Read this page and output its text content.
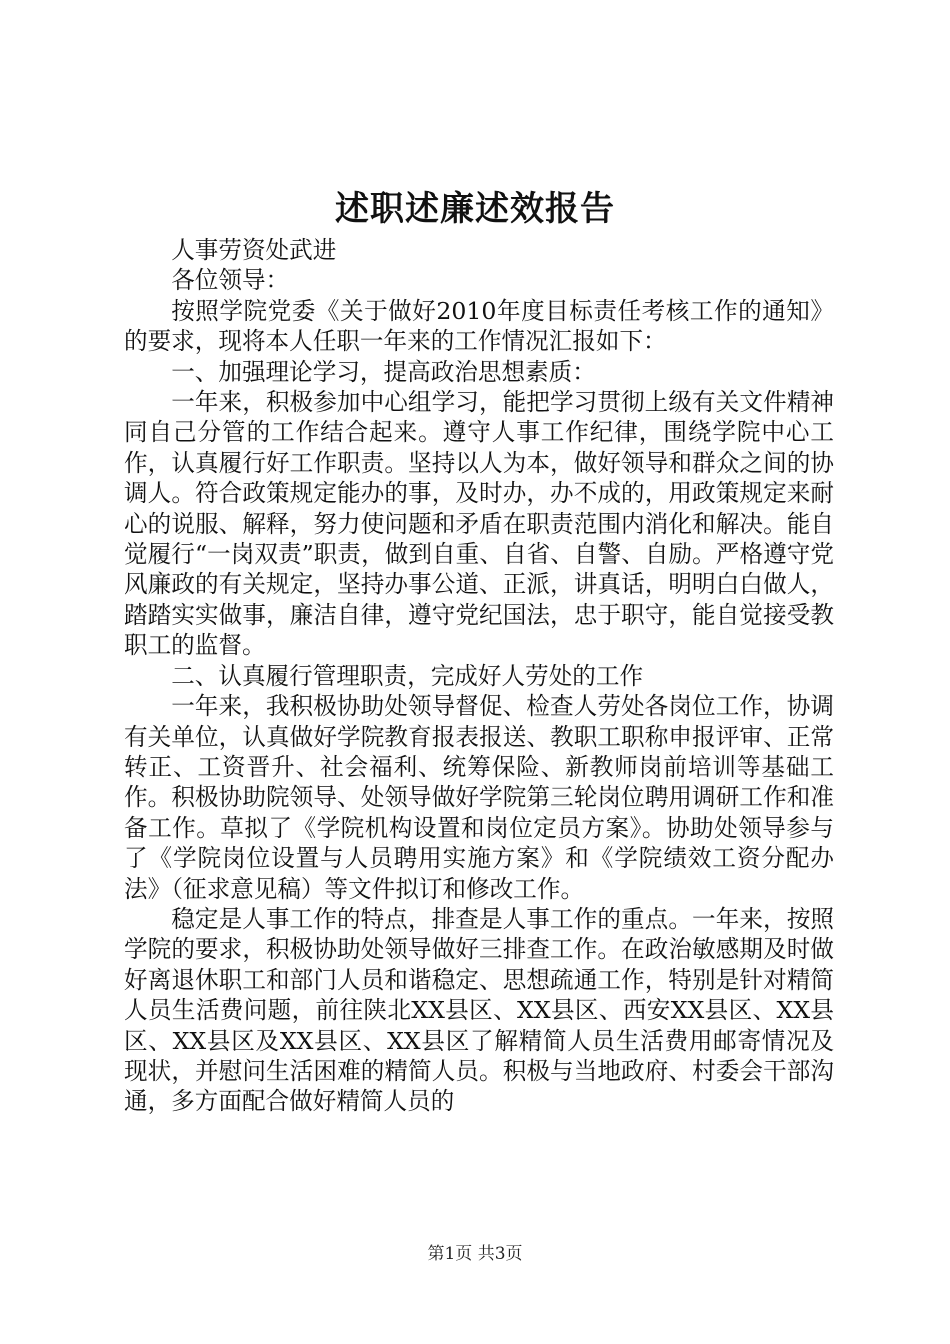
述职述廉述效报告

人事劳资处武进

各位领导：

按照学院党委《关于做好2010年度目标责任考核工作的通知》的要求，现将本人任职一年来的工作情况汇报如下：

一、加强理论学习，提高政治思想素质：

一年来，积极参加中心组学习，能把学习贯彻上级有关文件精神同自己分管的工作结合起来。遵守人事工作纪律，围绕学院中心工作，认真履行好工作职责。坚持以人为本，做好领导和群众之间的协调人。符合政策规定能办的事，及时办，办不成的，用政策规定来耐心的说服、解释，努力使问题和矛盾在职责范围内消化和解决。能自觉履行“一岗双责”职责，做到自重、自省、自警、自励。严格遵守党风廉政的有关规定，坚持办事公道、正派，讲真话，明明白白做人，踏踏实实做事，廉洁自律，遵守党纪国法，忠于职守，能自觉接受教职工的监督。

二、认真履行管理职责，完成好人劳处的工作

一年来，我积极协助处领导督促、检查人劳处各岗位工作，协调有关单位，认真做好学院教育报表报送、教职工职称申报评审、正常转正、工资晋升、社会福利、统筹保险、新教师岗前培训等基础工作。积极协助院领导、处领导做好学院第三轮岗位聘用调研工作和准备工作。草拟了《学院机构设置和岗位定员方案》。协助处领导参与了《学院岗位设置与人员聘用实施方案》和《学院绩效工资分配办法》（征求意见稿）等文件拟订和修改工作。

稳定是人事工作的特点，排查是人事工作的重点。一年来，按照学院的要求，积极协助处领导做好三排查工作。在政治敏感期及时做好离退休职工和部门人员和谐稳定、思想疏通工作，特别是针对精简人员生活费问题，前往陕北XX县区、XX县区、西安XX县区、XX县区、XX县区及XX县区、XX县区了解精简人员生活费用邮寄情况及现状，并慰问生活困难的精简人员。积极与当地政府、村委会干部沟通，多方面配合做好精简人员的

第1页 共3页
